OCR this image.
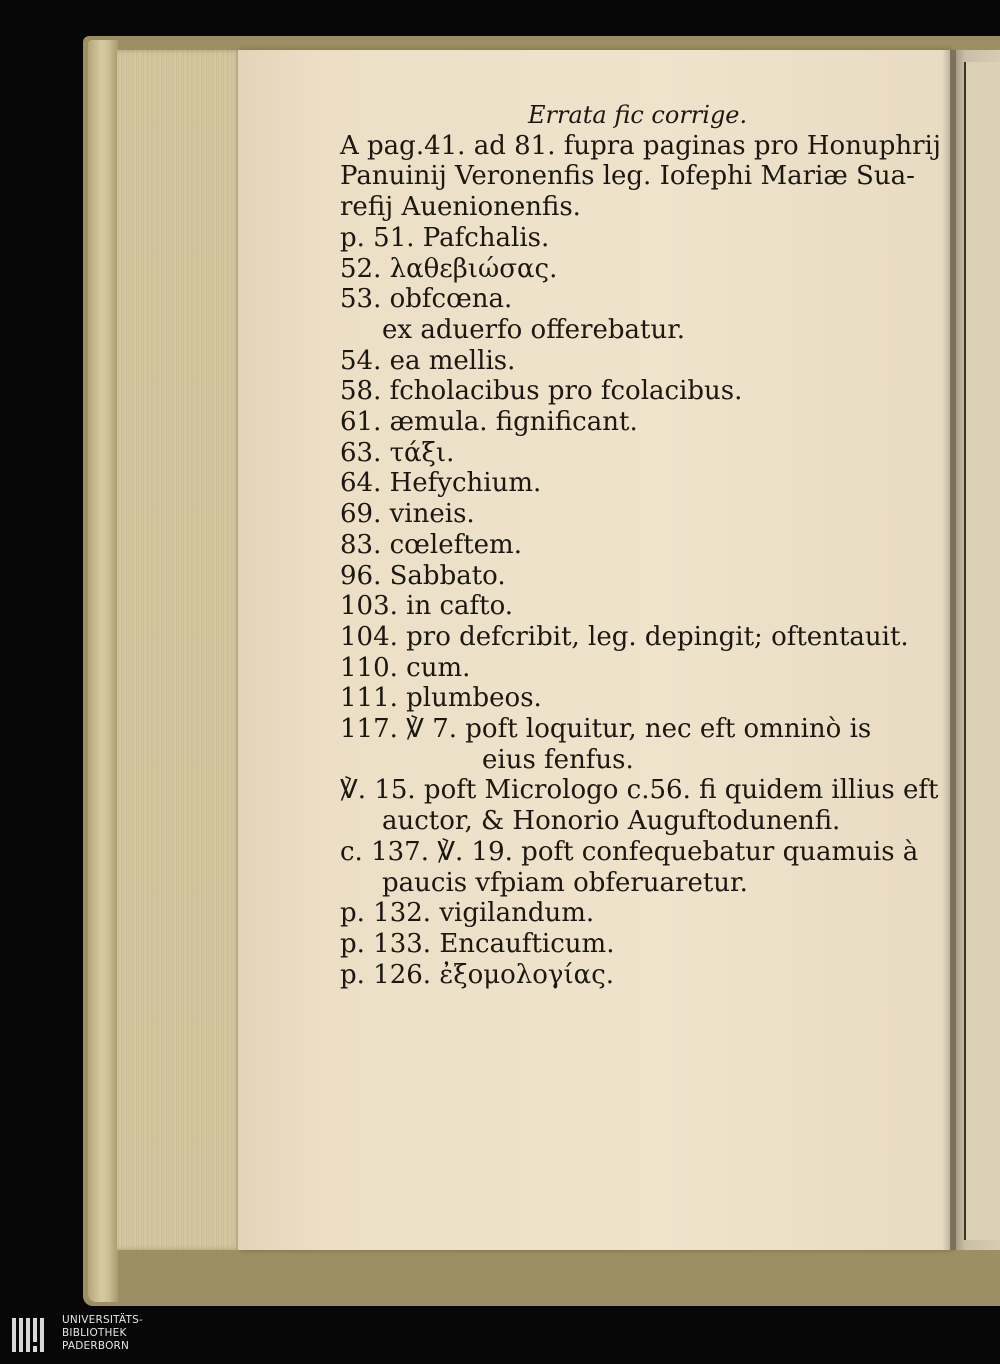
Errata fic corrige.
A pag.41. ad 81. fupra paginas pro Honuphrij
Panuinij Veronenfis leg. Iofephi Mariæ Sua-
refij Auenionenfis.
p. 51. Pafchalis.
52. λαθεβιώσας.
53. obfcœna.
ex aduerfo offerebatur.
54. ea mellis.
58. fcholacibus pro fcolacibus.
61. æmula. fignificant.
63. τάξι.
64. Hefychium.
69. vineis.
83. cœleftem.
96. Sabbato.
103. in cafto.
104. pro defcribit, leg. depingit; oftentauit.
110. cum.
111. plumbeos.
117. ℣ 7. poft loquitur, nec eft omninò is
eius fenfus.
℣. 15. poft Micrologo c.56. fi quidem illius eft
auctor, & Honorio Auguftodunenfi.
c. 137. ℣. 19. poft confequebatur quamuis à
paucis vfpiam obferuaretur.
p. 132. vigilandum.
p. 133. Encaufticum.
p. 126. ἐξομολογίας.
UNIVERSITÄTS-
BIBLIOTHEK
PADERBORN
